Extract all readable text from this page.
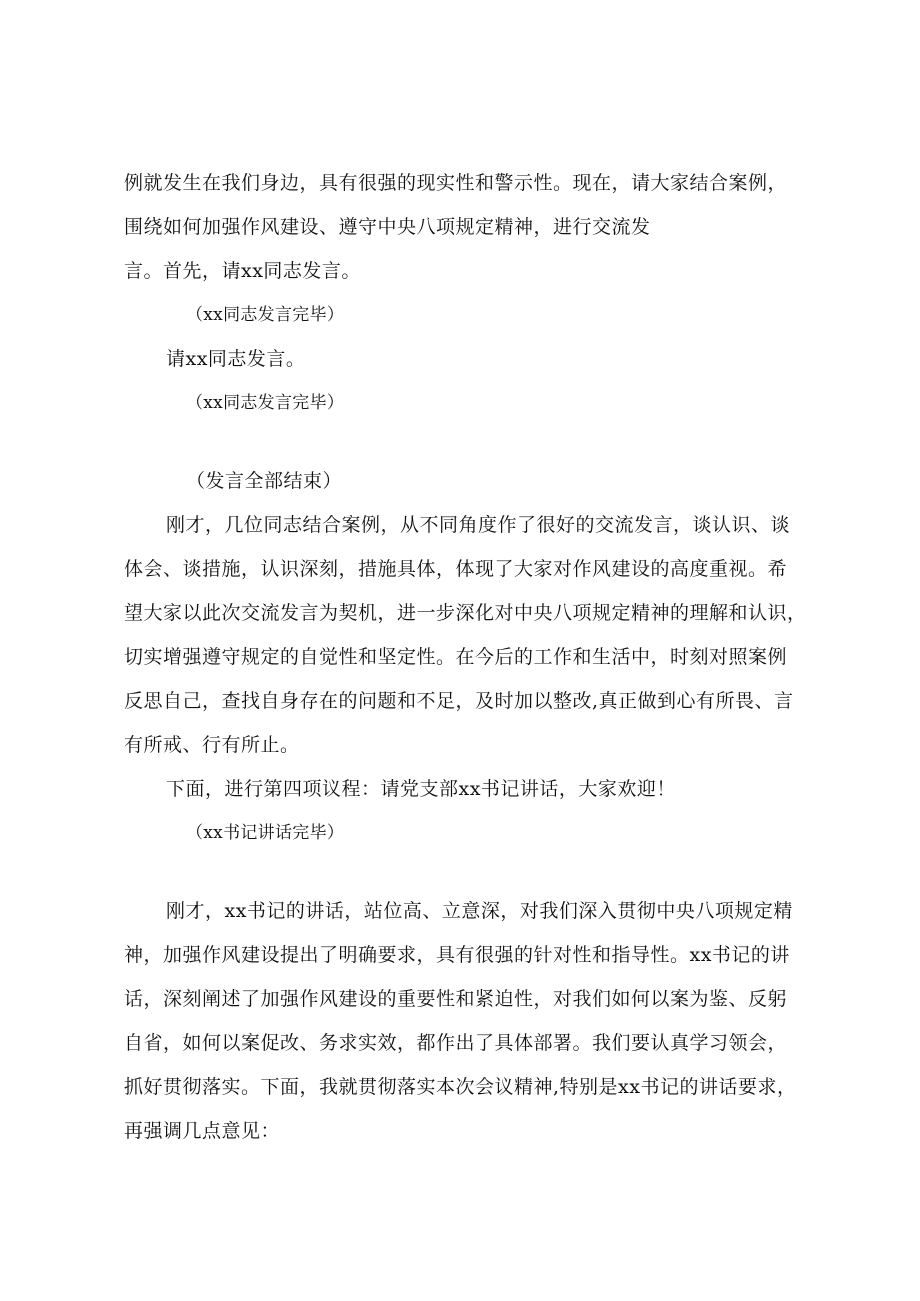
例就发生在我们身边，具有很强的现实性和警示性。现在，请大家结合案例，
围绕如何加强作风建设、遵守中央八项规定精神，进行交流发
言。首先，请xx同志发言。
（xx同志发言完毕）
请xx同志发言。
（xx同志发言完毕）
（发言全部结束）
刚才，几位同志结合案例，从不同角度作了很好的交流发言，谈认识、谈
体会、谈措施，认识深刻，措施具体，体现了大家对作风建设的高度重视。希
望大家以此次交流发言为契机，进一步深化对中央八项规定精神的理解和认识，
切实增强遵守规定的自觉性和坚定性。在今后的工作和生活中，时刻对照案例
反思自己，查找自身存在的问题和不足，及时加以整改,真正做到心有所畏、言
有所戒、行有所止。
下面，进行第四项议程：请党支部xx书记讲话，大家欢迎！
（xx书记讲话完毕）
刚才，xx书记的讲话，站位高、立意深，对我们深入贯彻中央八项规定精
神，加强作风建设提出了明确要求，具有很强的针对性和指导性。xx书记的讲
话，深刻阐述了加强作风建设的重要性和紧迫性，对我们如何以案为鉴、反躬
自省，如何以案促改、务求实效，都作出了具体部署。我们要认真学习领会，
抓好贯彻落实。下面，我就贯彻落实本次会议精神,特别是xx书记的讲话要求，
再强调几点意见：
